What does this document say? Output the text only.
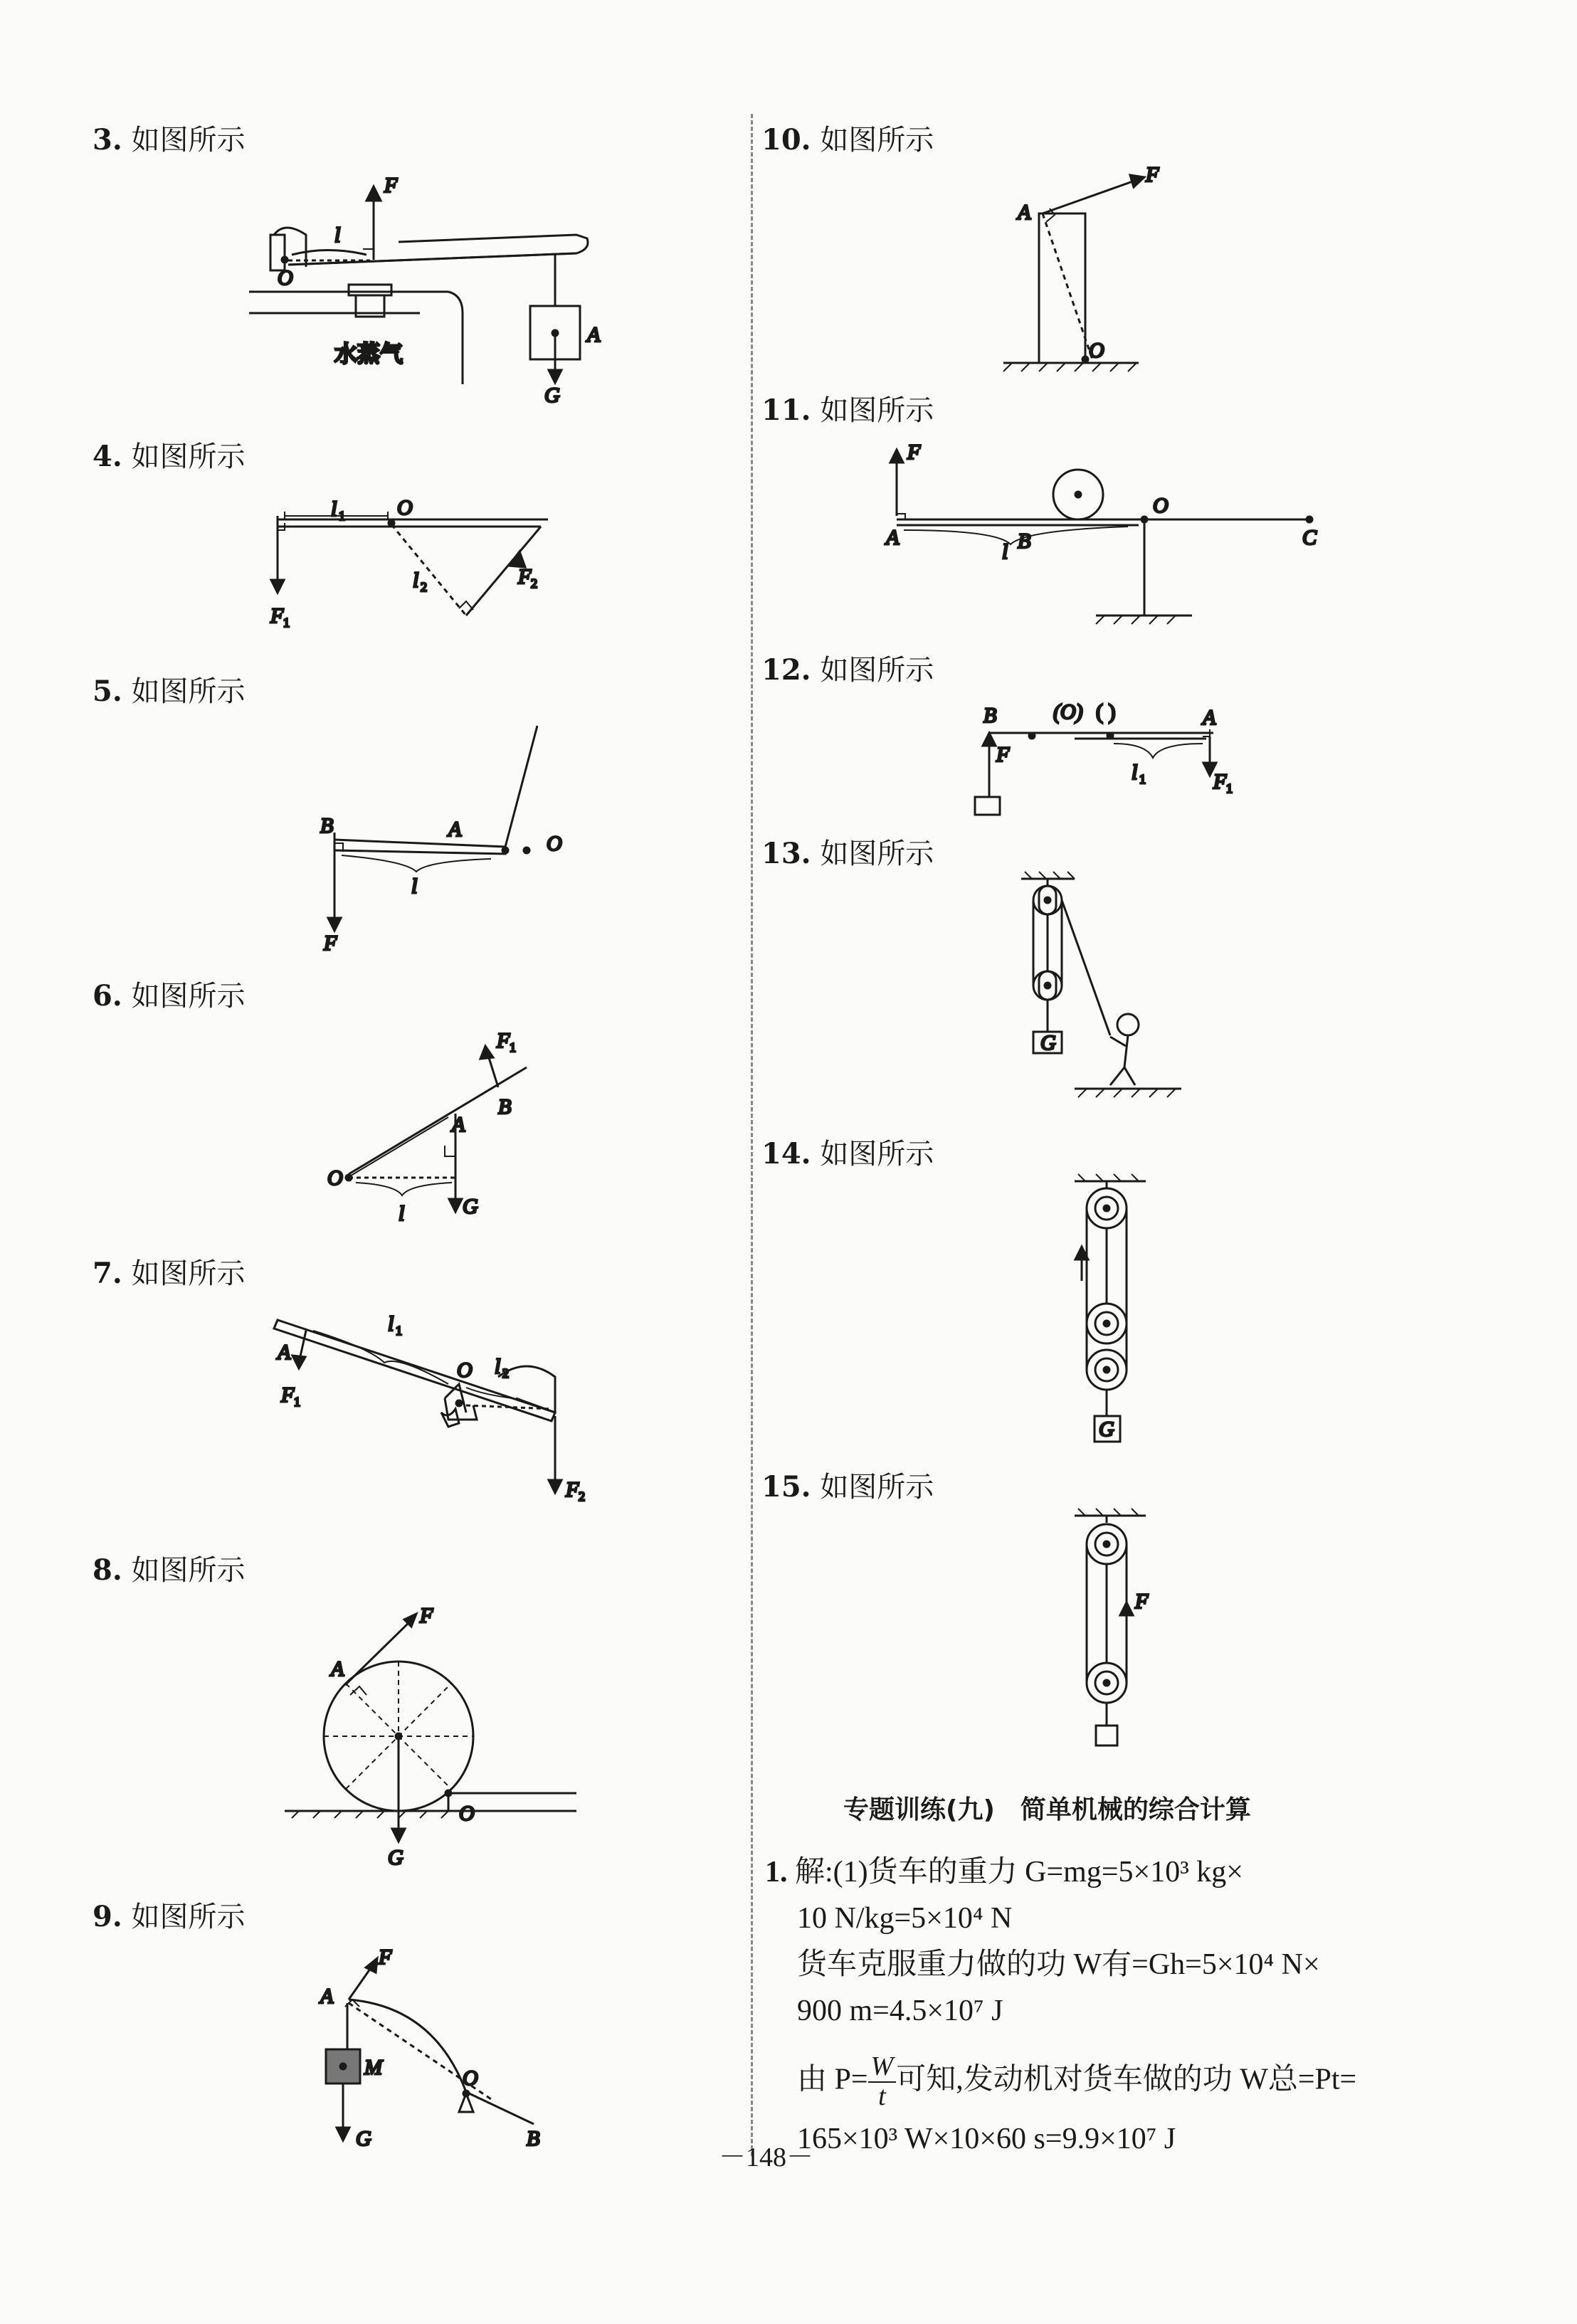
3. 如图所示
4. 如图所示
5. 如图所示
6. 如图所示
7. 如图所示
8. 如图所示
9. 如图所示
10. 如图所示
11. 如图所示
12. 如图所示
13. 如图所示
14. 如图所示
15. 如图所示
F
l
O
A
G
水蒸气
l 1 O
l 2
F 1
F 2
B	A
O
l
F
F 1
B
A
O
l	G
l 1
A
O l 2
F 1
F 2
F
A
O
G
F
A
M	O
G	B
F
A
O
F
A	B
l
O
C
B	(O) ( )	A
F
l 1	F 1
G
G
F
专题训练(九)　简单机械的综合计算
1. 解:(1)货车的重力 G=mg=5×10³ kg×
10 N/kg=5×10⁴ N
货车克服重力做的功 W有=Gh=5×10⁴ N×
900 m=4.5×10⁷ J
由 $P= \frac{W}{t}$ 可知,发动机对货车做的功 W总=Pt=
165×10³ W×10×60 s=9.9×10⁷ J
－148－
